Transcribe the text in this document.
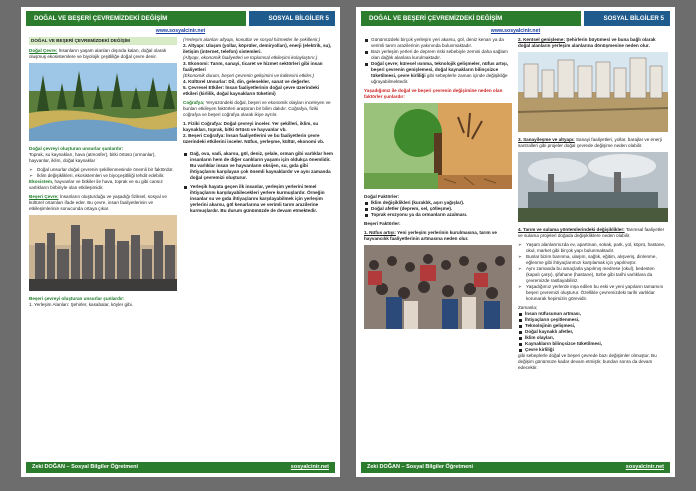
DOĞAL VE BEŞERİ ÇEVREMİZDEKİ DEĞİŞİM	SOSYAL BİLGİLER 5
www.sosyalcinir.net
DOĞAL VE BEŞERİ ÇEVREMİZDEKİ DEĞİŞİM
Doğal Çevre: İnsanların yaşam alanları dışında kalan, doğal olarak oluşmuş ekosistemlere ve biyolojik çeşitliliğe doğal çevre denir.
Doğal çevreyi oluşturan unsurlar şunlardır:
Toprak, su kaynakları, hava (atmosfer), bitki örtüsü (ormanlar), hayvanlar, iklim, doğal kaynaklar
➢ Doğal unsurlar doğal çevrenin şekillenmesinde önemli bir faktördür.
➢ İklim değişiklikleri, ekosistemleri ve biyoçeşitliliği tehdit edebilir.
Ekosistem, hayvanlar ve bitkiler ile hava, toprak ve su gibi cansız varlıkların birbiriyle olan etkileşimidir.
Beşeri Çevre: İnsanların oluşturduğu ve yaşadığı fiziksel, sosyal ve kültürel ortamları ifade eder. Bu çevre, insan faaliyetlerinin ve etkileşimlerinin sonucunda ortaya çıkar.
Beşeri çevreyi oluşturan unsurlar şunlardır:
1. Yerleşim Alanları: Şehirler, kasabalar, köyler gibi.
(Yerleşim alanları altyapı, konutlar ve sosyal hizmetler ile şekillenir.)
2. Altyapı: Ulaşım (yollar, köprüler, demiryolları), enerji (elektrik, su), iletişim (internet, telefon) sistemleri.
(Altyapı, ekonomik faaliyetleri ve toplumsal etkileşimi kolaylaştırır.)
3. Ekonomi: Tarım, sanayi, ticaret ve hizmet sektörleri gibi insan faaliyetleri
(Ekonomik durum, beşeri çevrenin gelişimini ve kalitesini etkiler.)
4. Kültürel Unsurlar: Dil, din, gelenekler, sanat ve değerler.
5. Çevresel Etkiler: İnsan faaliyetlerinin doğal çevre üzerindeki etkileri (kirlilik, doğal kaynakların tüketimi)
Coğrafya; Yeryüzündeki doğal, beşeri ve ekonomik olayları inceleyen ve bunları etkileyen faktörleri araştıran bir bilim dalıdır. Coğrafya, fiziki coğrafya ve beşeri coğrafya olarak ikiye ayrılır.
1. Fiziki Coğrafya: Doğal çevreyi inceler. Yer şekilleri, iklim, su kaynakları, toprak, bitki örtüsü ve hayvanlar vb.
2. Beşeri Coğrafya: İnsan faaliyetlerini ve bu faaliyetlerin çevre üzerindeki etkilerini inceler. Nüfus, yerleşme, kültür, ekonomi vb.
Dağ, ova, vadi, akarsu, göl, deniz, şelale, orman gibi varlıklar hem insanların hem de diğer canlıların yaşamı için oldukça önemlidir. Bu varlıklar insan ve hayvanların oksijen, su, gıda gibi ihtiyaçlarını karşılayan çok önemli kaynaklardır ve aynı zamanda doğal çevremizi oluşturur.
Yerleşik hayata geçen ilk insanlar, yerleşim yerlerini temel ihtiyaçlarını karşılayabilecekleri yerlere kurmuşlardır. Örneğin insanlar su ve gıda ihtiyaçlarını karşılayabilmek için yerleşim yerlerini akarsu, göl kenarlarına ve verimli tarım arazilerine kurmuşlardır. Bu durum günümüzde de devam etmektedir.
Zeki DOĞAN – Sosyal Bilgiler Öğretmeni	sosyalcinir.net
DOĞAL VE BEŞERİ ÇEVREMİZDEKİ DEĞİŞİM	SOSYAL BİLGİLER 5
www.sosyalcinir.net
Günümüzdeki birçok yerleşim yeri akarsu, göl, deniz kenarı ya da verimli tarım arazilerinin yakınında bulunmaktadır.
Bazı yerleşim yerleri de deprem riski sebebiyle zemini daha sağlam olan dağlık alanlara kurulmaktadır.
Doğal çevre; küresel ısınma, teknolojik gelişmeler, nüfus artışı, beşeri çevrenin genişlemesi, doğal kaynakların bilinçsizce tüketilmesi, çevre kirliliği gibi sebeplerle zaman içinde değişikliğe uğrayabilmektedir.
Yaşadığımız ile doğal ve beşeri çevrenin değişimine neden olan faktörler şunlardır:
Doğal Faktörler:
İklim değişiklikleri (kuraklık, aşırı yağışlar).
Doğal afetler (deprem, sel, çölleşme).
Toprak erozyonu ya da ormanların azalması.
Beşeri Faktörler:
1. Nüfus artışı: Yeni yerleşim yerlerinin kurulmasına, tarım ve hayvancılık faaliyetlerinin artmasına neden olur.
2. Kentsel genişleme: Şehirlerin büyümesi ve buna bağlı olarak doğal alanların yerleşim alanlarına dönüşmesine neden olur.
3. Sanayileşme ve altyapı: Sanayi faaliyetleri, yollar, barajlar ve enerji santralleri gibi projeler doğal çevrede değişime neden olabilir.
4. Tarım ve sulama yöntemlerindeki değişiklikler: Tarımsal faaliyetler ve sulama projeleri doğada değişikliklere neden olabilir.
➢ Yaşam alanlarımızda ev, apartman, sokak, park, yol, köprü, hastane, okul, market gibi birçok yapı bulunmaktadır.
➢ Bunlar bizim barınma, ulaşım, sağlık, eğitim, alışveriş, dinlenme, eğlenme gibi ihtiyaçlarımızı karşılamak için yapılmıştır.
➢ Aynı zamanda bu amaçlarla yapılmış medrese (okul), bedesten (kapalı çarşı), şifahane (hastane), türbe gibi tarihi varlıklara da çevremizde rastlayabiliriz.
➢ Yaşadığımız yerlerde inşa edilen bu eski ve yeni yapıların tamamını beşeri çevremizi oluşturur. Özellikle çevremizdeki tarihi varlıklar korunarak hepimizin görevidir.
Zamanla;
İnsan nüfusunun artması,
İhtiyaçların çeşitlenmesi,
Teknolojinin gelişmesi,
Doğal kaynaklı afetler,
İklim olayları,
Kaynakların bilinçsizce tüketilmesi,
Çevre kirliliği
gibi sebeplerle doğal ve beşeri çevrede bazı değişimler olmuştur. Bu değişim günümüze kadar devam etmiştir, bundan sonra da devam edecektir.
Zeki DOĞAN – Sosyal Bilgiler Öğretmeni	sosyalcinir.net
